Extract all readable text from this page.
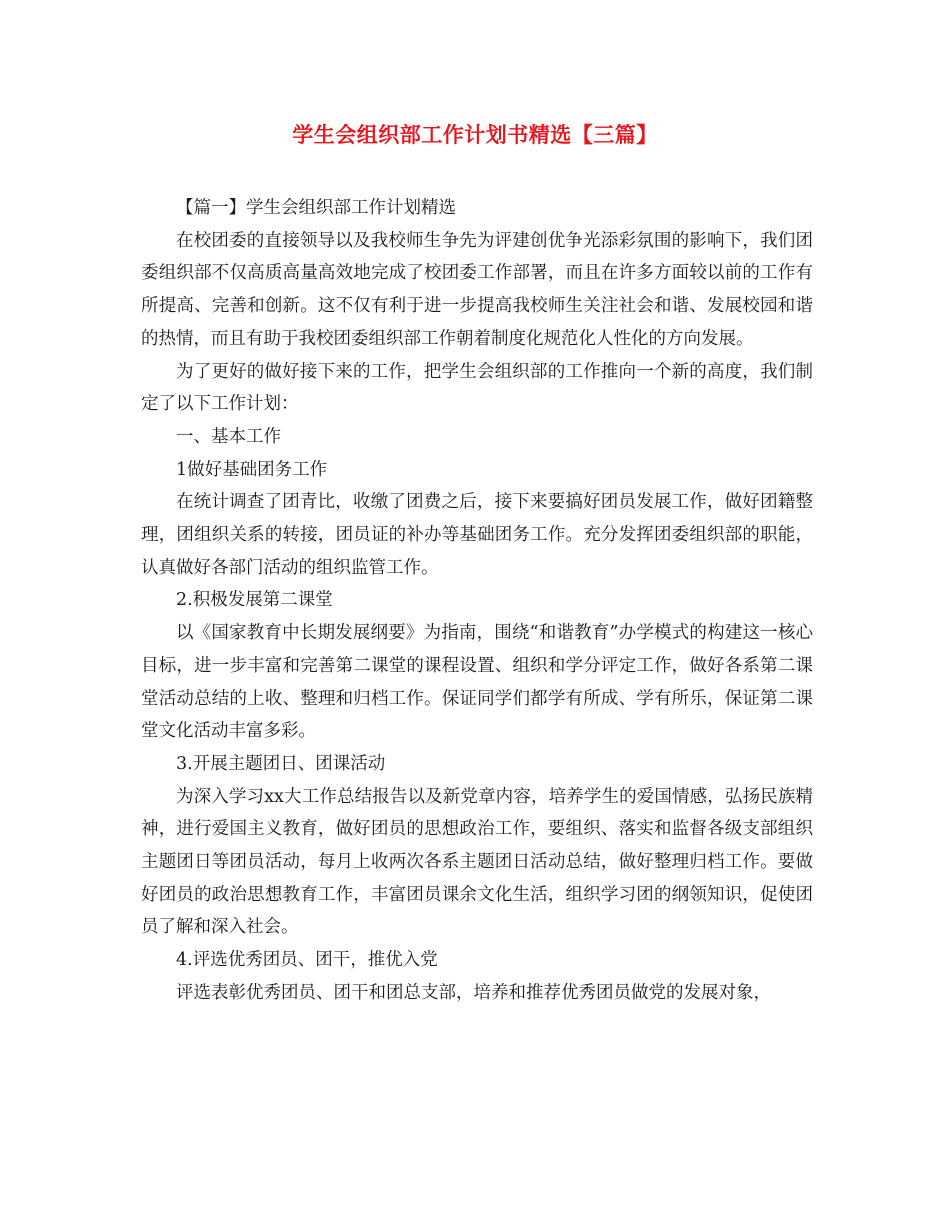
学生会组织部工作计划书精选【三篇】

【篇一】学生会组织部工作计划精选

在校团委的直接领导以及我校师生争先为评建创优争光添彩氛围的影响下，我们团委组织部不仅高质高量高效地完成了校团委工作部署，而且在许多方面较以前的工作有所提高、完善和创新。这不仅有利于进一步提高我校师生关注社会和谐、发展校园和谐的热情，而且有助于我校团委组织部工作朝着制度化规范化人性化的方向发展。

为了更好的做好接下来的工作，把学生会组织部的工作推向一个新的高度，我们制定了以下工作计划：

一、基本工作

1做好基础团务工作

在统计调查了团青比，收缴了团费之后，接下来要搞好团员发展工作，做好团籍整理，团组织关系的转接，团员证的补办等基础团务工作。充分发挥团委组织部的职能，认真做好各部门活动的组织监管工作。

2.积极发展第二课堂

以《国家教育中长期发展纲要》为指南，围绕“和谐教育”办学模式的构建这一核心目标，进一步丰富和完善第二课堂的课程设置、组织和学分评定工作，做好各系第二课堂活动总结的上收、整理和归档工作。保证同学们都学有所成、学有所乐，保证第二课堂文化活动丰富多彩。

3.开展主题团日、团课活动

为深入学习xx大工作总结报告以及新党章内容，培养学生的爱国情感，弘扬民族精神，进行爱国主义教育，做好团员的思想政治工作，要组织、落实和监督各级支部组织主题团日等团员活动，每月上收两次各系主题团日活动总结，做好整理归档工作。要做好团员的政治思想教育工作，丰富团员课余文化生活，组织学习团的纲领知识，促使团员了解和深入社会。

4.评选优秀团员、团干，推优入党

评选表彰优秀团员、团干和团总支部，培养和推荐优秀团员做党的发展对象，
